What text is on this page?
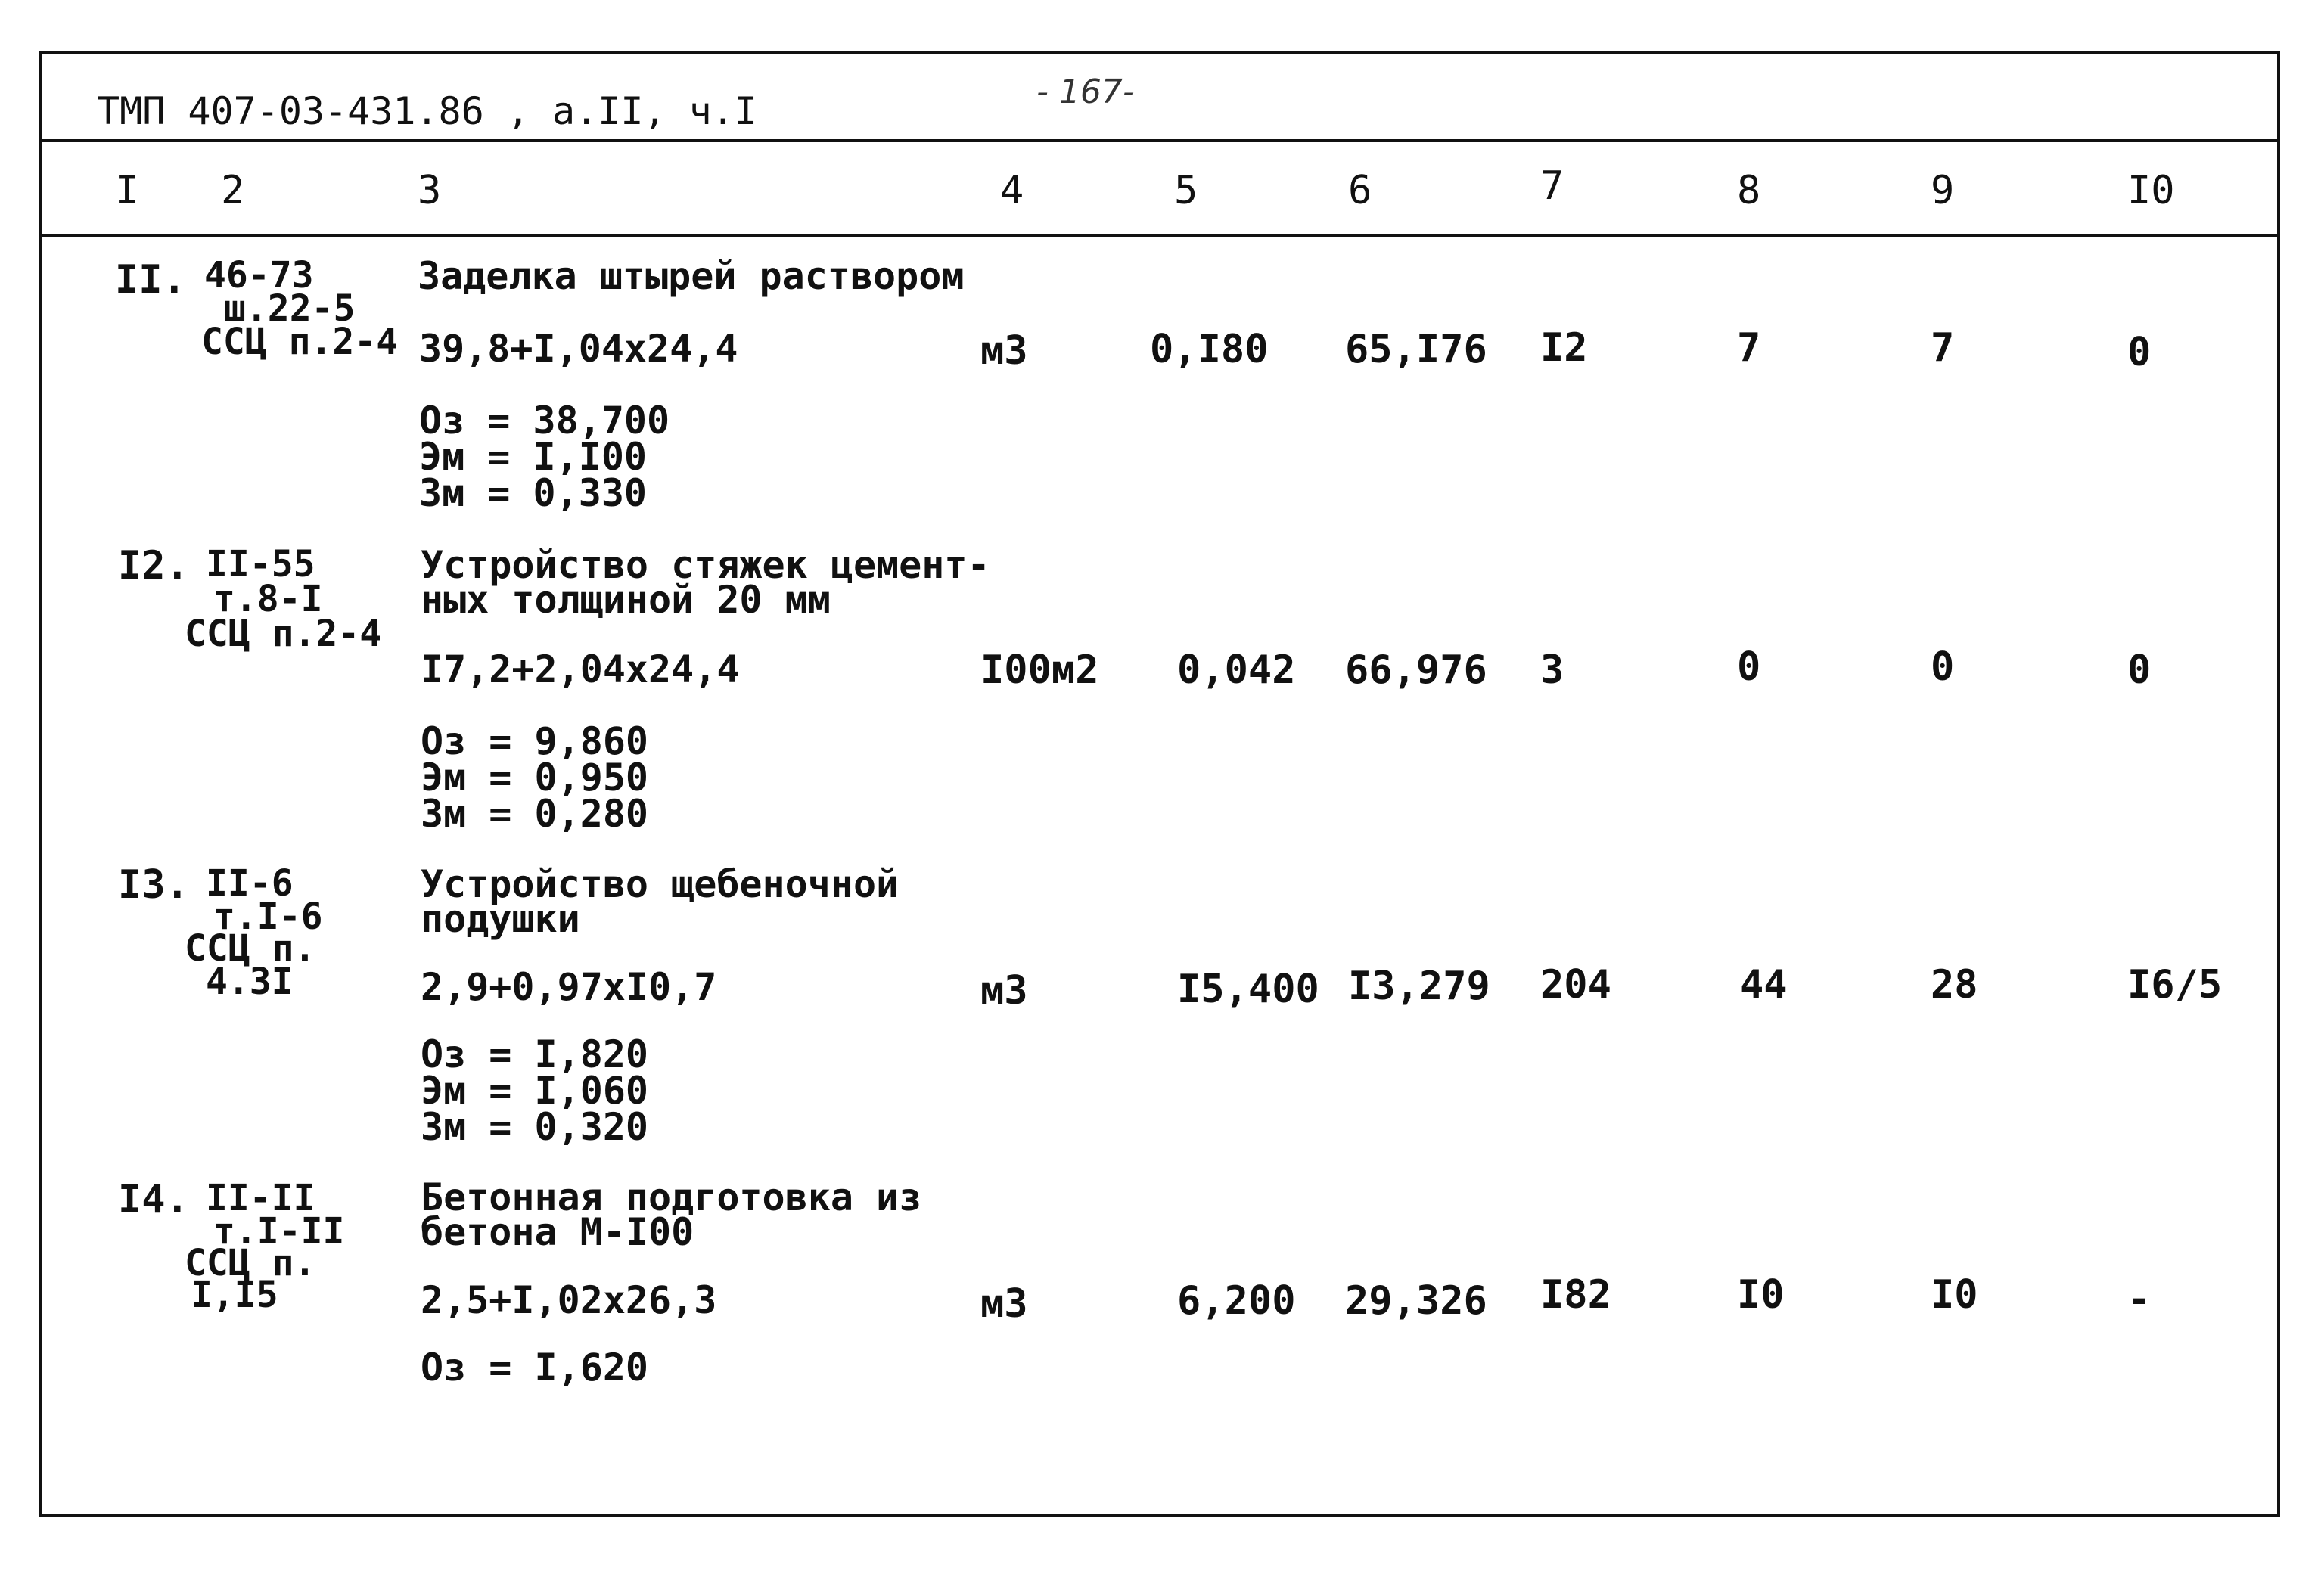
ТМП 407-03-431.86 , а.II, ч.I	- 167-
I 2	3	4	5	6	7	8	9	I0
II. 46-73
ш.22-5
ССЦ п.2-4
Заделка штырей раствором
39,8+I,04x24,4
Оз = 38,700
Эм = I,I00
Зм = 0,330
м3	0,I80 65,I76 I2	7	7	0
I2. II-55
т.8-I
ССЦ п.2-4
Устройство стяжек цемент-
ных толщиной 20 мм
I7,2+2,04x24,4
Оз = 9,860
Эм = 0,950
Зм = 0,280
I00м2 0,042 66,976 3	0	0	0
I3. II-6
т.I-6
ССЦ п.
4.3I
Устройство щебеночной
подушки
2,9+0,97xI0,7
Оз = I,820
Эм = I,060
Зм = 0,320
м3	I5,400 I3,279 204	44	28	I6/5
I4. II-II
т.I-II
ССЦ п.
I,I5
Бетонная подготовка из
бетона М-I00
2,5+I,02x26,3
Оз = I,620
м3	6,200 29,326 I82	I0	I0	-
